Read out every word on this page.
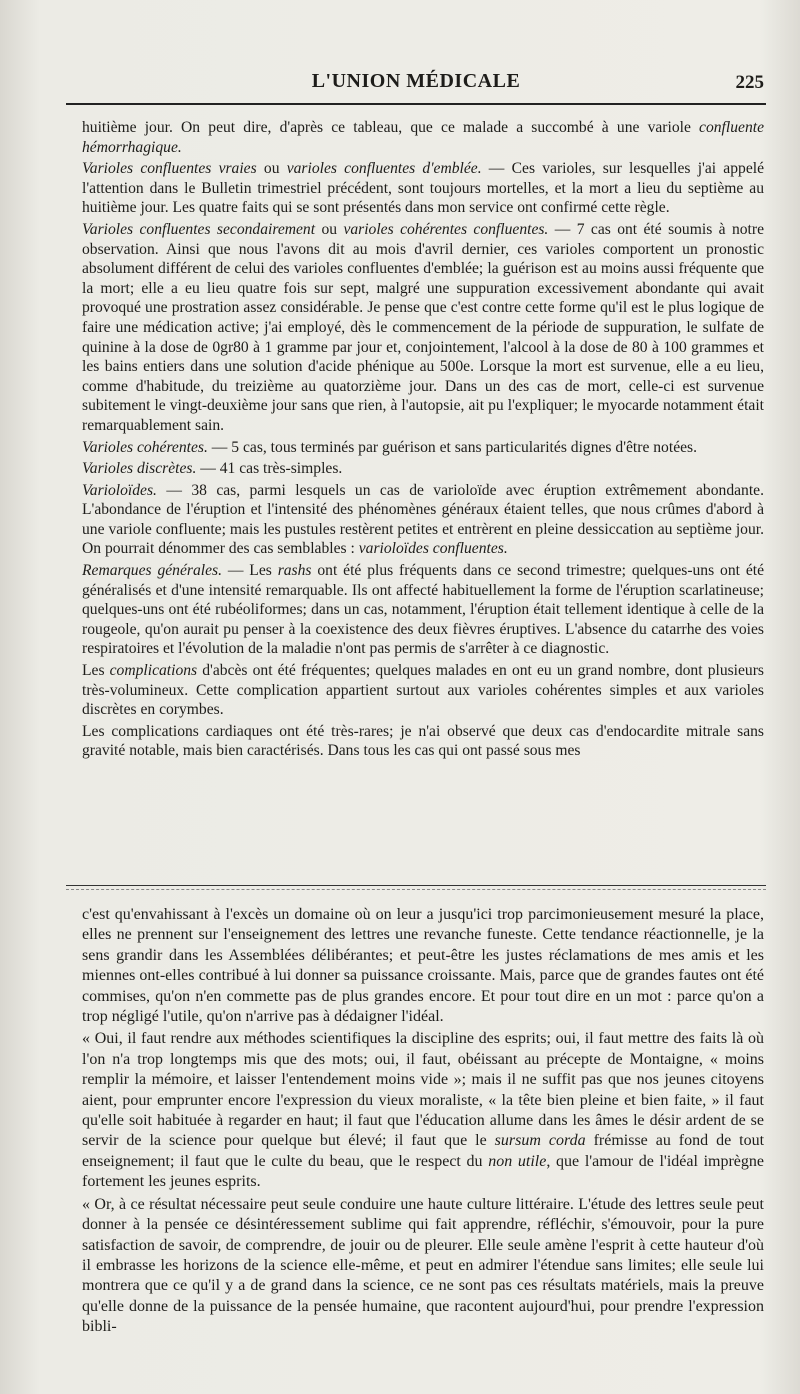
L'UNION MÉDICALE	225

huitième jour. On peut dire, d'après ce tableau, que ce malade a succombé à une variole confluente hémorrhagique.

Varioles confluentes vraies ou varioles confluentes d'emblée. — Ces varioles, sur lesquelles j'ai appelé l'attention dans le Bulletin trimestriel précédent, sont toujours mortelles, et la mort a lieu du septième au huitième jour. Les quatre faits qui se sont présentés dans mon service ont confirmé cette règle.

Varioles confluentes secondairement ou varioles cohérentes confluentes. — 7 cas ont été soumis à notre observation. Ainsi que nous l'avons dit au mois d'avril dernier, ces varioles comportent un pronostic absolument différent de celui des varioles confluentes d'emblée; la guérison est au moins aussi fréquente que la mort; elle a eu lieu quatre fois sur sept, malgré une suppuration excessivement abondante qui avait provoqué une prostration assez considérable. Je pense que c'est contre cette forme qu'il est le plus logique de faire une médication active; j'ai employé, dès le commencement de la période de suppuration, le sulfate de quinine à la dose de 0gr80 à 1 gramme par jour et, conjointement, l'alcool à la dose de 80 à 100 grammes et les bains entiers dans une solution d'acide phénique au 500e. Lorsque la mort est survenue, elle a eu lieu, comme d'habitude, du treizième au quatorzième jour. Dans un des cas de mort, celle-ci est survenue subitement le vingt-deuxième jour sans que rien, à l'autopsie, ait pu l'expliquer; le myocarde notamment était remarquablement sain.

Varioles cohérentes. — 5 cas, tous terminés par guérison et sans particularités dignes d'être notées.

Varioles discrètes. — 41 cas très-simples.

Varioloïdes. — 38 cas, parmi lesquels un cas de varioloïde avec éruption extrêmement abondante. L'abondance de l'éruption et l'intensité des phénomènes généraux étaient telles, que nous crûmes d'abord à une variole confluente; mais les pustules restèrent petites et entrèrent en pleine dessiccation au septième jour. On pourrait dénommer des cas semblables : varioloïdes confluentes.

Remarques générales. — Les rashs ont été plus fréquents dans ce second trimestre; quelques-uns ont été généralisés et d'une intensité remarquable. Ils ont affecté habituellement la forme de l'éruption scarlatineuse; quelques-uns ont été rubéoliformes; dans un cas, notamment, l'éruption était tellement identique à celle de la rougeole, qu'on aurait pu penser à la coexistence des deux fièvres éruptives. L'absence du catarrhe des voies respiratoires et l'évolution de la maladie n'ont pas permis de s'arrêter à ce diagnostic.

Les complications d'abcès ont été fréquentes; quelques malades en ont eu un grand nombre, dont plusieurs très-volumineux. Cette complication appartient surtout aux varioles cohérentes simples et aux varioles discrètes en corymbes.

Les complications cardiaques ont été très-rares; je n'ai observé que deux cas d'endocardite mitrale sans gravité notable, mais bien caractérisés. Dans tous les cas qui ont passé sous mes

c'est qu'envahissant à l'excès un domaine où on leur a jusqu'ici trop parcimonieusement mesuré la place, elles ne prennent sur l'enseignement des lettres une revanche funeste. Cette tendance réactionnelle, je la sens grandir dans les Assemblées délibérantes; et peut-être les justes réclamations de mes amis et les miennes ont-elles contribué à lui donner sa puissance croissante. Mais, parce que de grandes fautes ont été commises, qu'on n'en commette pas de plus grandes encore. Et pour tout dire en un mot : parce qu'on a trop négligé l'utile, qu'on n'arrive pas à dédaigner l'idéal.

« Oui, il faut rendre aux méthodes scientifiques la discipline des esprits; oui, il faut mettre des faits là où l'on n'a trop longtemps mis que des mots; oui, il faut, obéissant au précepte de Montaigne, « moins remplir la mémoire, et laisser l'entendement moins vide »; mais il ne suffit pas que nos jeunes citoyens aient, pour emprunter encore l'expression du vieux moraliste, « la tête bien pleine et bien faite, » il faut qu'elle soit habituée à regarder en haut; il faut que l'éducation allume dans les âmes le désir ardent de se servir de la science pour quelque but élevé; il faut que le sursum corda frémisse au fond de tout enseignement; il faut que le culte du beau, que le respect du non utile, que l'amour de l'idéal imprègne fortement les jeunes esprits.

« Or, à ce résultat nécessaire peut seule conduire une haute culture littéraire. L'étude des lettres seule peut donner à la pensée ce désintéressement sublime qui fait apprendre, réfléchir, s'émouvoir, pour la pure satisfaction de savoir, de comprendre, de jouir ou de pleurer. Elle seule amène l'esprit à cette hauteur d'où il embrasse les horizons de la science elle-même, et peut en admirer l'étendue sans limites; elle seule lui montrera que ce qu'il y a de grand dans la science, ce ne sont pas ces résultats matériels, mais la preuve qu'elle donne de la puissance de la pensée humaine, que racontent aujourd'hui, pour prendre l'expression bibli-
